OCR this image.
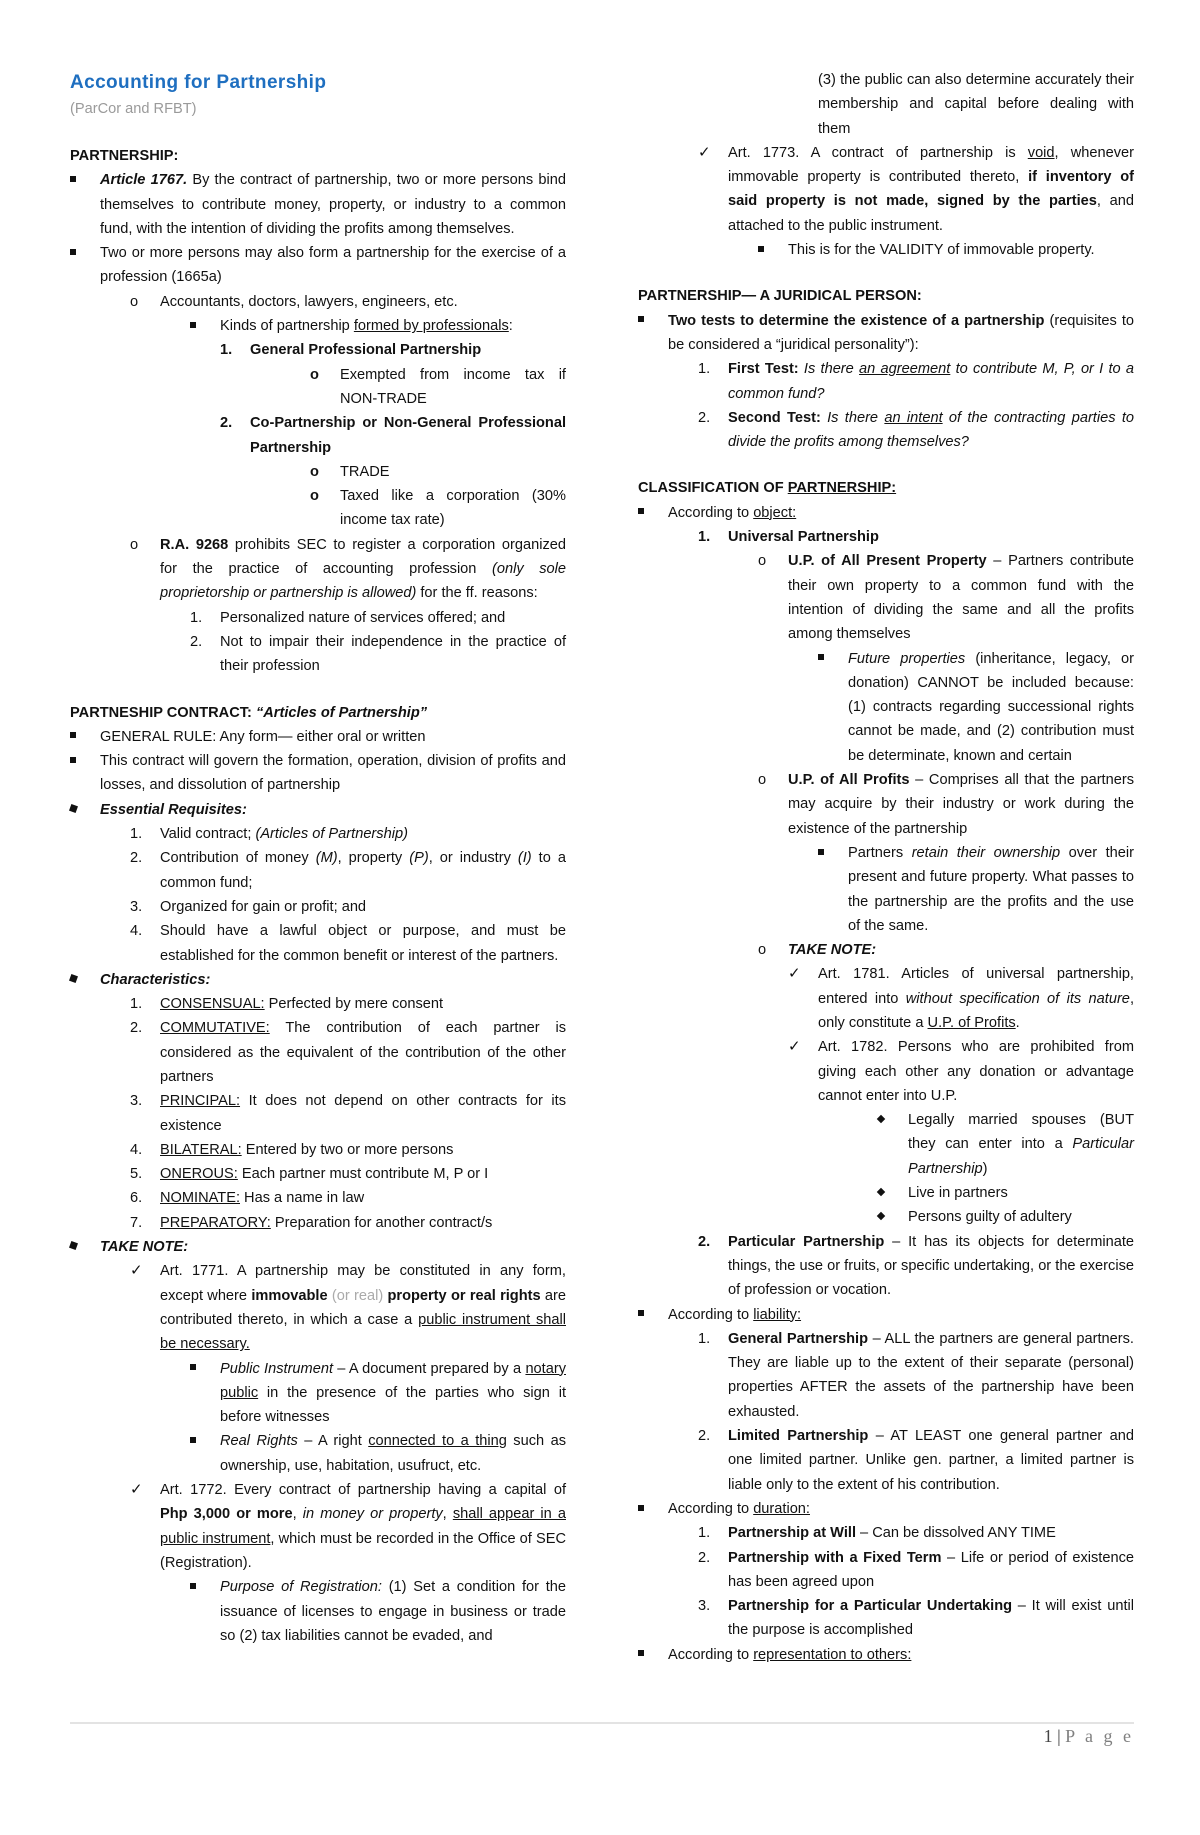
Accounting for Partnership
(ParCor and RFBT)
PARTNERSHIP:
Article 1767. By the contract of partnership, two or more persons bind themselves to contribute money, property, or industry to a common fund, with the intention of dividing the profits among themselves.
Two or more persons may also form a partnership for the exercise of a profession (1665a)
o	Accountants, doctors, lawyers, engineers, etc.
Kinds of partnership formed by professionals:
1.	General Professional Partnership
o	Exempted from income tax if NON-TRADE
2.	Co-Partnership or Non-General Professional Partnership
o	TRADE
o	Taxed like a corporation (30% income tax rate)
o	R.A. 9268 prohibits SEC to register a corporation organized for the practice of accounting profession (only sole proprietorship or partnership is allowed) for the ff. reasons:
1.	Personalized nature of services offered; and
2.	Not to impair their independence in the practice of their profession
PARTNESHIP CONTRACT: “Articles of Partnership”
GENERAL RULE: Any form— either oral or written
This contract will govern the formation, operation, division of profits and losses, and dissolution of partnership
Essential Requisites:
1.	Valid contract; (Articles of Partnership)
2.	Contribution of money (M), property (P), or industry (I) to a common fund;
3.	Organized for gain or profit; and
4.	Should have a lawful object or purpose, and must be established for the common benefit or interest of the partners.
Characteristics:
1.	CONSENSUAL: Perfected by mere consent
2.	COMMUTATIVE: The contribution of each partner is considered as the equivalent of the contribution of the other partners
3.	PRINCIPAL: It does not depend on other contracts for its existence
4.	BILATERAL: Entered by two or more persons
5.	ONEROUS: Each partner must contribute M, P or I
6.	NOMINATE: Has a name in law
7.	PREPARATORY: Preparation for another contract/s
TAKE NOTE:
✓	Art. 1771. A partnership may be constituted in any form, except where immovable (or real) property or real rights are contributed thereto, in which a case a public instrument shall be necessary.
Public Instrument – A document prepared by a notary public in the presence of the parties who sign it before witnesses
Real Rights – A right connected to a thing such as ownership, use, habitation, usufruct, etc.
✓	Art. 1772. Every contract of partnership having a capital of Php 3,000 or more, in money or property, shall appear in a public instrument, which must be recorded in the Office of SEC (Registration).
Purpose of Registration: (1) Set a condition for the issuance of licenses to engage in business or trade so (2) tax liabilities cannot be evaded, and
(3) the public can also determine accurately their membership and capital before dealing with them
✓	Art. 1773. A contract of partnership is void, whenever immovable property is contributed thereto, if inventory of said property is not made, signed by the parties, and attached to the public instrument.
This is for the VALIDITY of immovable property.
PARTNERSHIP— A JURIDICAL PERSON:
Two tests to determine the existence of a partnership (requisites to be considered a “juridical personality”):
1.	First Test: Is there an agreement to contribute M, P, or I to a common fund?
2.	Second Test: Is there an intent of the contracting parties to divide the profits among themselves?
CLASSIFICATION OF PARTNERSHIP:
According to object:
1.	Universal Partnership
o	U.P. of All Present Property – Partners contribute their own property to a common fund with the intention of dividing the same and all the profits among themselves
Future properties (inheritance, legacy, or donation) CANNOT be included because: (1) contracts regarding successional rights cannot be made, and (2) contribution must be determinate, known and certain
o	U.P. of All Profits – Comprises all that the partners may acquire by their industry or work during the existence of the partnership
Partners retain their ownership over their present and future property. What passes to the partnership are the profits and the use of the same.
o	TAKE NOTE:
✓	Art. 1781. Articles of universal partnership, entered into without specification of its nature, only constitute a U.P. of Profits.
✓	Art. 1782. Persons who are prohibited from giving each other any donation or advantage cannot enter into U.P.
Legally married spouses (BUT they can enter into a Particular Partnership)
Live in partners
Persons guilty of adultery
2.	Particular Partnership – It has its objects for determinate things, the use or fruits, or specific undertaking, or the exercise of profession or vocation.
According to liability:
1.	General Partnership – ALL the partners are general partners. They are liable up to the extent of their separate (personal) properties AFTER the assets of the partnership have been exhausted.
2.	Limited Partnership – AT LEAST one general partner and one limited partner. Unlike gen. partner, a limited partner is liable only to the extent of his contribution.
According to duration:
1.	Partnership at Will – Can be dissolved ANY TIME
2.	Partnership with a Fixed Term – Life or period of existence has been agreed upon
3.	Partnership for a Particular Undertaking – It will exist until the purpose is accomplished
According to representation to others:
1 | P a g e
